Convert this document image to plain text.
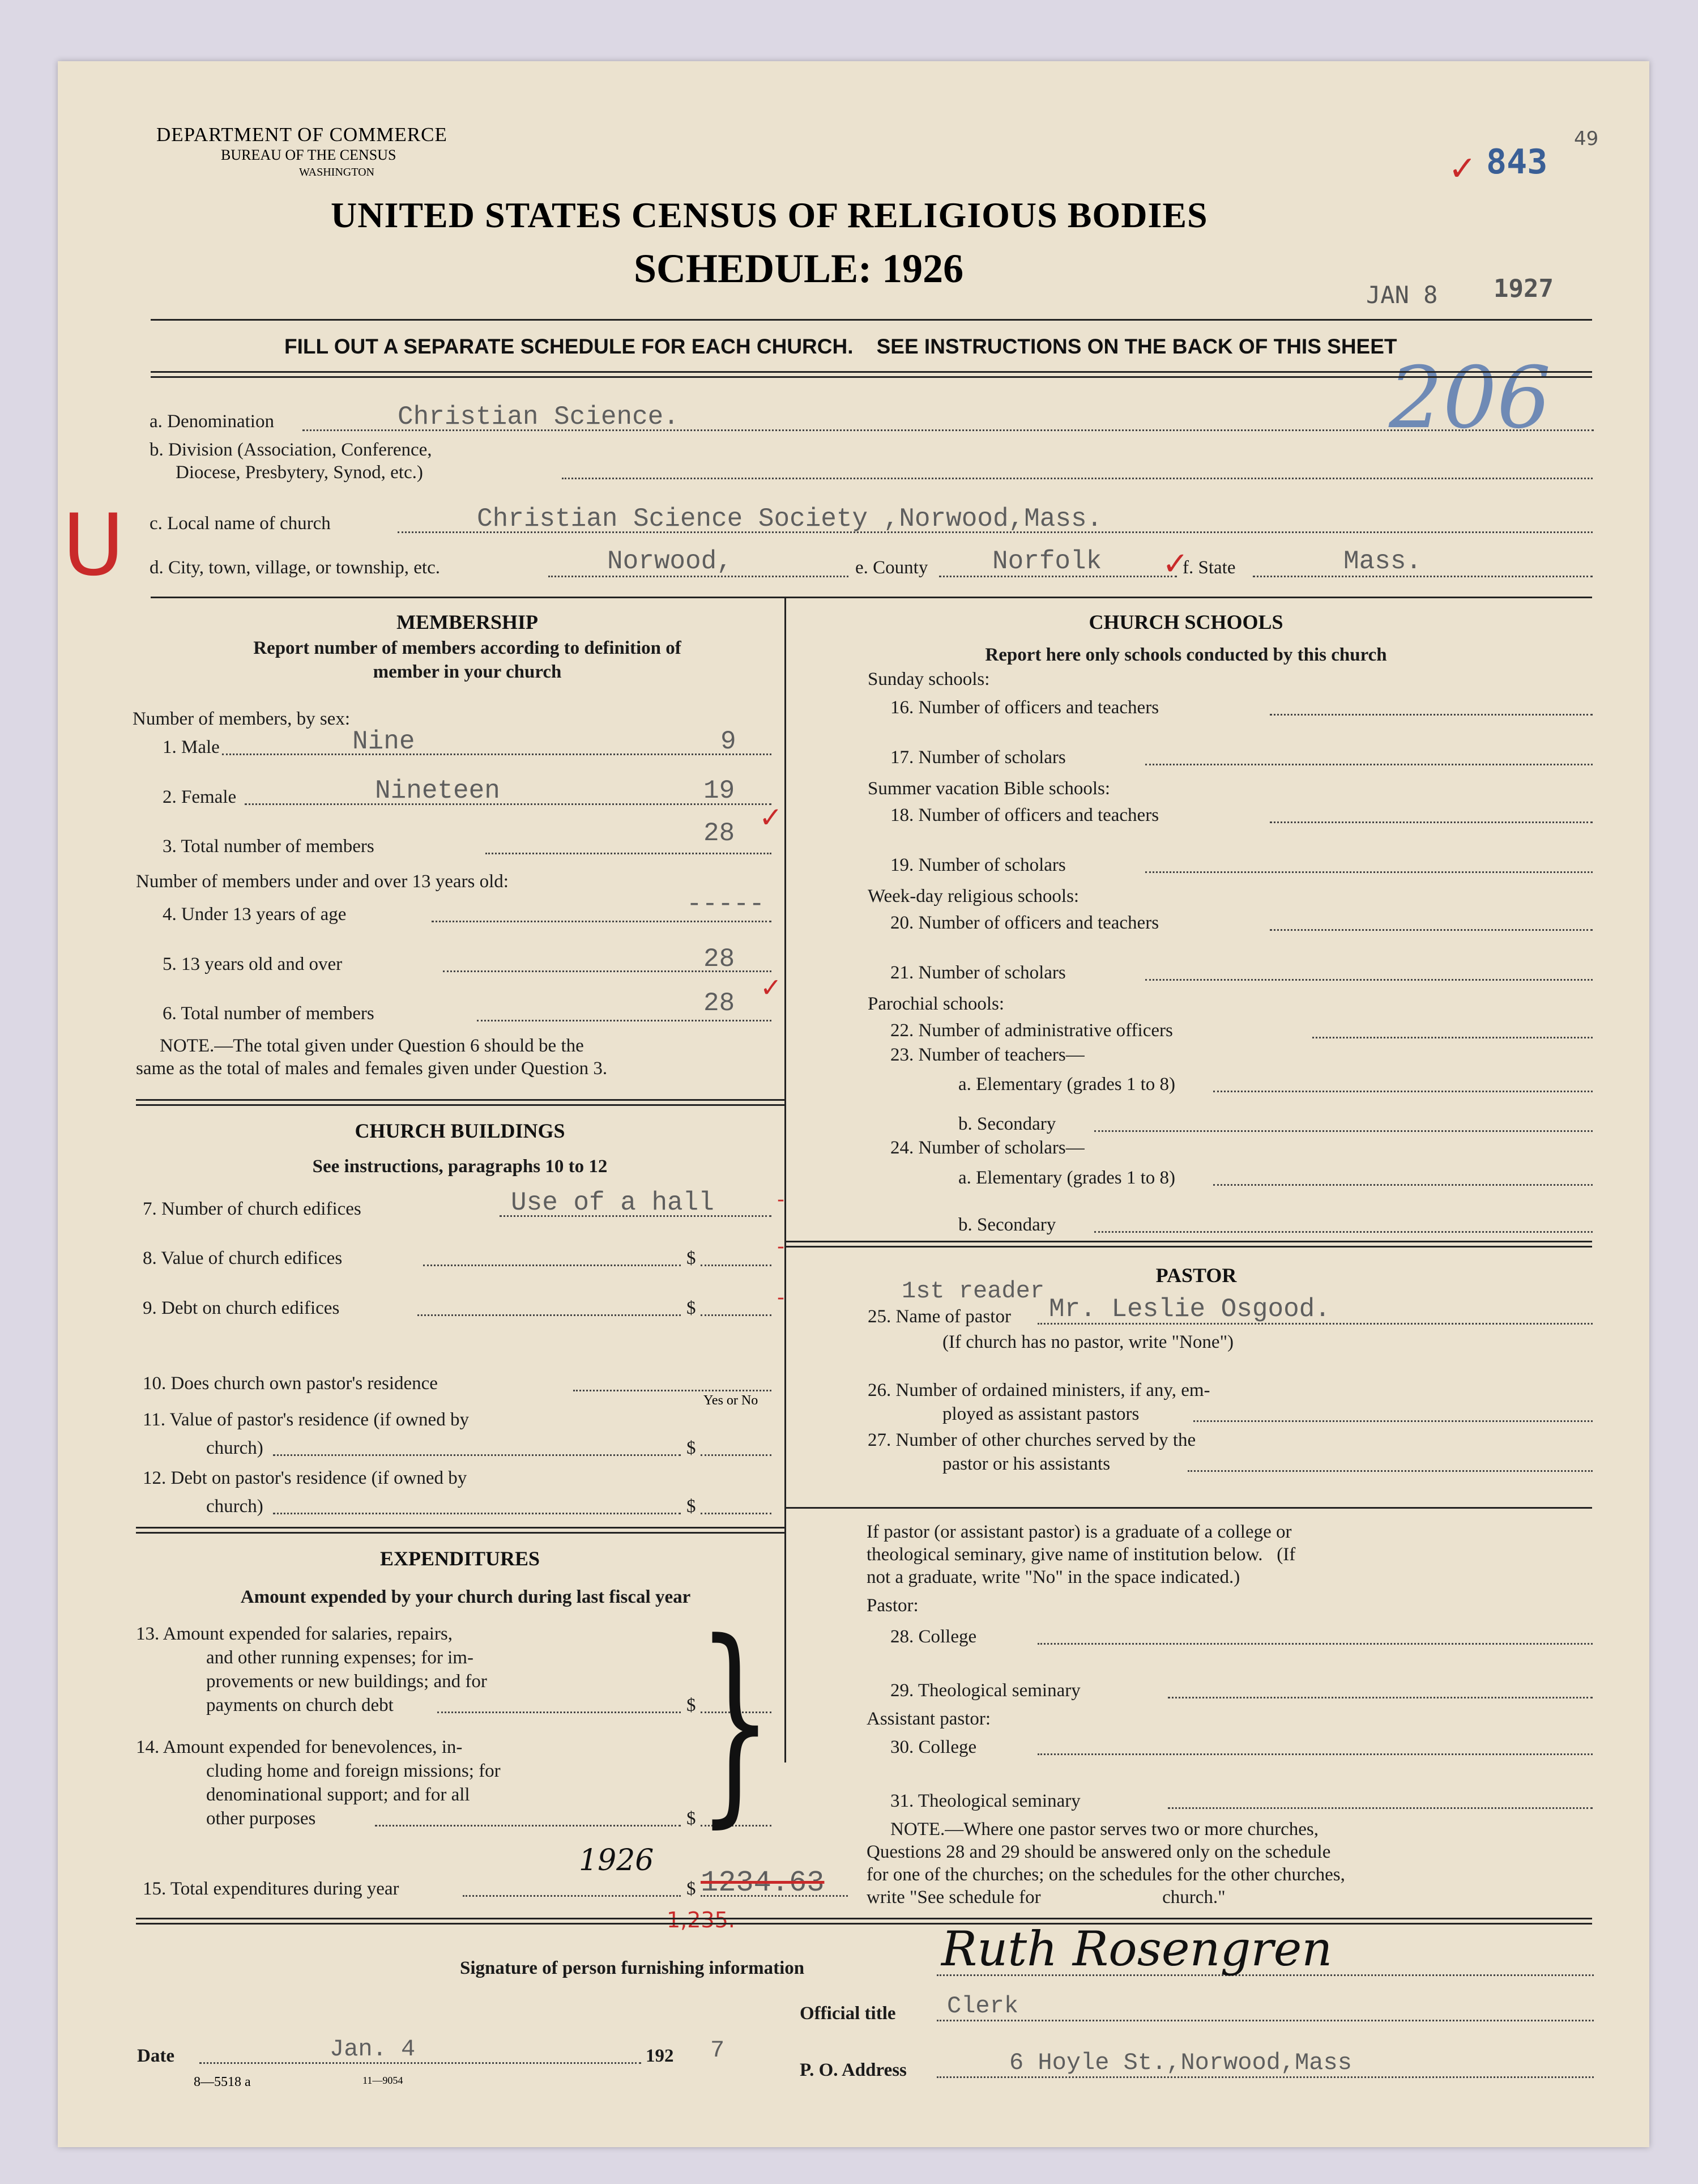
DEPARTMENT OF COMMERCE
BUREAU OF THE CENSUS
WASHINGTON
UNITED STATES CENSUS OF RELIGIOUS BODIES
SCHEDULE: 1926
JAN 8 1927
✓ 843
49
206
FILL OUT A SEPARATE SCHEDULE FOR EACH CHURCH.    SEE INSTRUCTIONS ON THE BACK OF THIS SHEET
a. Denomination	Christian Science.
b. Division (Association, Conference,
Diocese, Presbytery, Synod, etc.)
U c. Local name of church	Christian Science Society ,Norwood,Mass.
✓
d. City, town, village, or township, etc.	Norwood,	e. County Norfolk	f. State	Mass.
MEMBERSHIP
Report number of members according to definition of
member in your church
Number of members, by sex:
1. Male	Nine	9
2. Female	Nineteen	19
3. Total number of members	28 ✓
Number of members under and over 13 years old:
4. Under 13 years of age	-----
5. 13 years old and over	28
6. Total number of members	28
✓
NOTE.—The total given under Question 6 should be the
same as the total of males and females given under Question 3.
CHURCH BUILDINGS
See instructions, paragraphs 10 to 12
7. Number of church edifices	Use of a hall	-
8. Value of church edifices	$	-
9. Debt on church edifices	$	-
10. Does church own pastor's residence
Yes or No
11. Value of pastor's residence (if owned by
church)	$
12. Debt on pastor's residence (if owned by
church)	$
EXPENDITURES
Amount expended by your church during last fiscal year
13. Amount expended for salaries, repairs,
and other running expenses; for im-
provements or new buildings; and for
payments on church debt	$
14. Amount expended for benevolences, in-
cluding home and foreign missions; for
denominational support; and for all
other purposes	$ }
15. Total expenditures during year
1926
$ 1234.63
1,235.
CHURCH SCHOOLS
Report here only schools conducted by this church
Sunday schools:
16. Number of officers and teachers
17. Number of scholars
Summer vacation Bible schools:
18. Number of officers and teachers
19. Number of scholars
Week-day religious schools:
20. Number of officers and teachers
21. Number of scholars
Parochial schools:
22. Number of administrative officers
23. Number of teachers—
a. Elementary (grades 1 to 8)
b. Secondary
24. Number of scholars—
a. Elementary (grades 1 to 8)
b. Secondary
PASTOR
1st reader
25. Name of pastor Mr. Leslie Osgood.
(If church has no pastor, write "None")
26. Number of ordained ministers, if any, em-
ployed as assistant pastors
27. Number of other churches served by the
pastor or his assistants
If pastor (or assistant pastor) is a graduate of a college or
theological seminary, give name of institution below.   (If
not a graduate, write "No" in the space indicated.)
Pastor:
28. College
29. Theological seminary
Assistant pastor:
30. College
31. Theological seminary
NOTE.—Where one pastor serves two or more churches,
Questions 28 and 29 should be answered only on the schedule
for one of the churches; on the schedules for the other churches,
write "See schedule for                          church."
Signature of person furnishing information	Ruth Rosengren
Official title Clerk
Date	Jan. 4	192 7
8—5518 a	11—9054	P. O. Address	6 Hoyle St.,Norwood,Mass
